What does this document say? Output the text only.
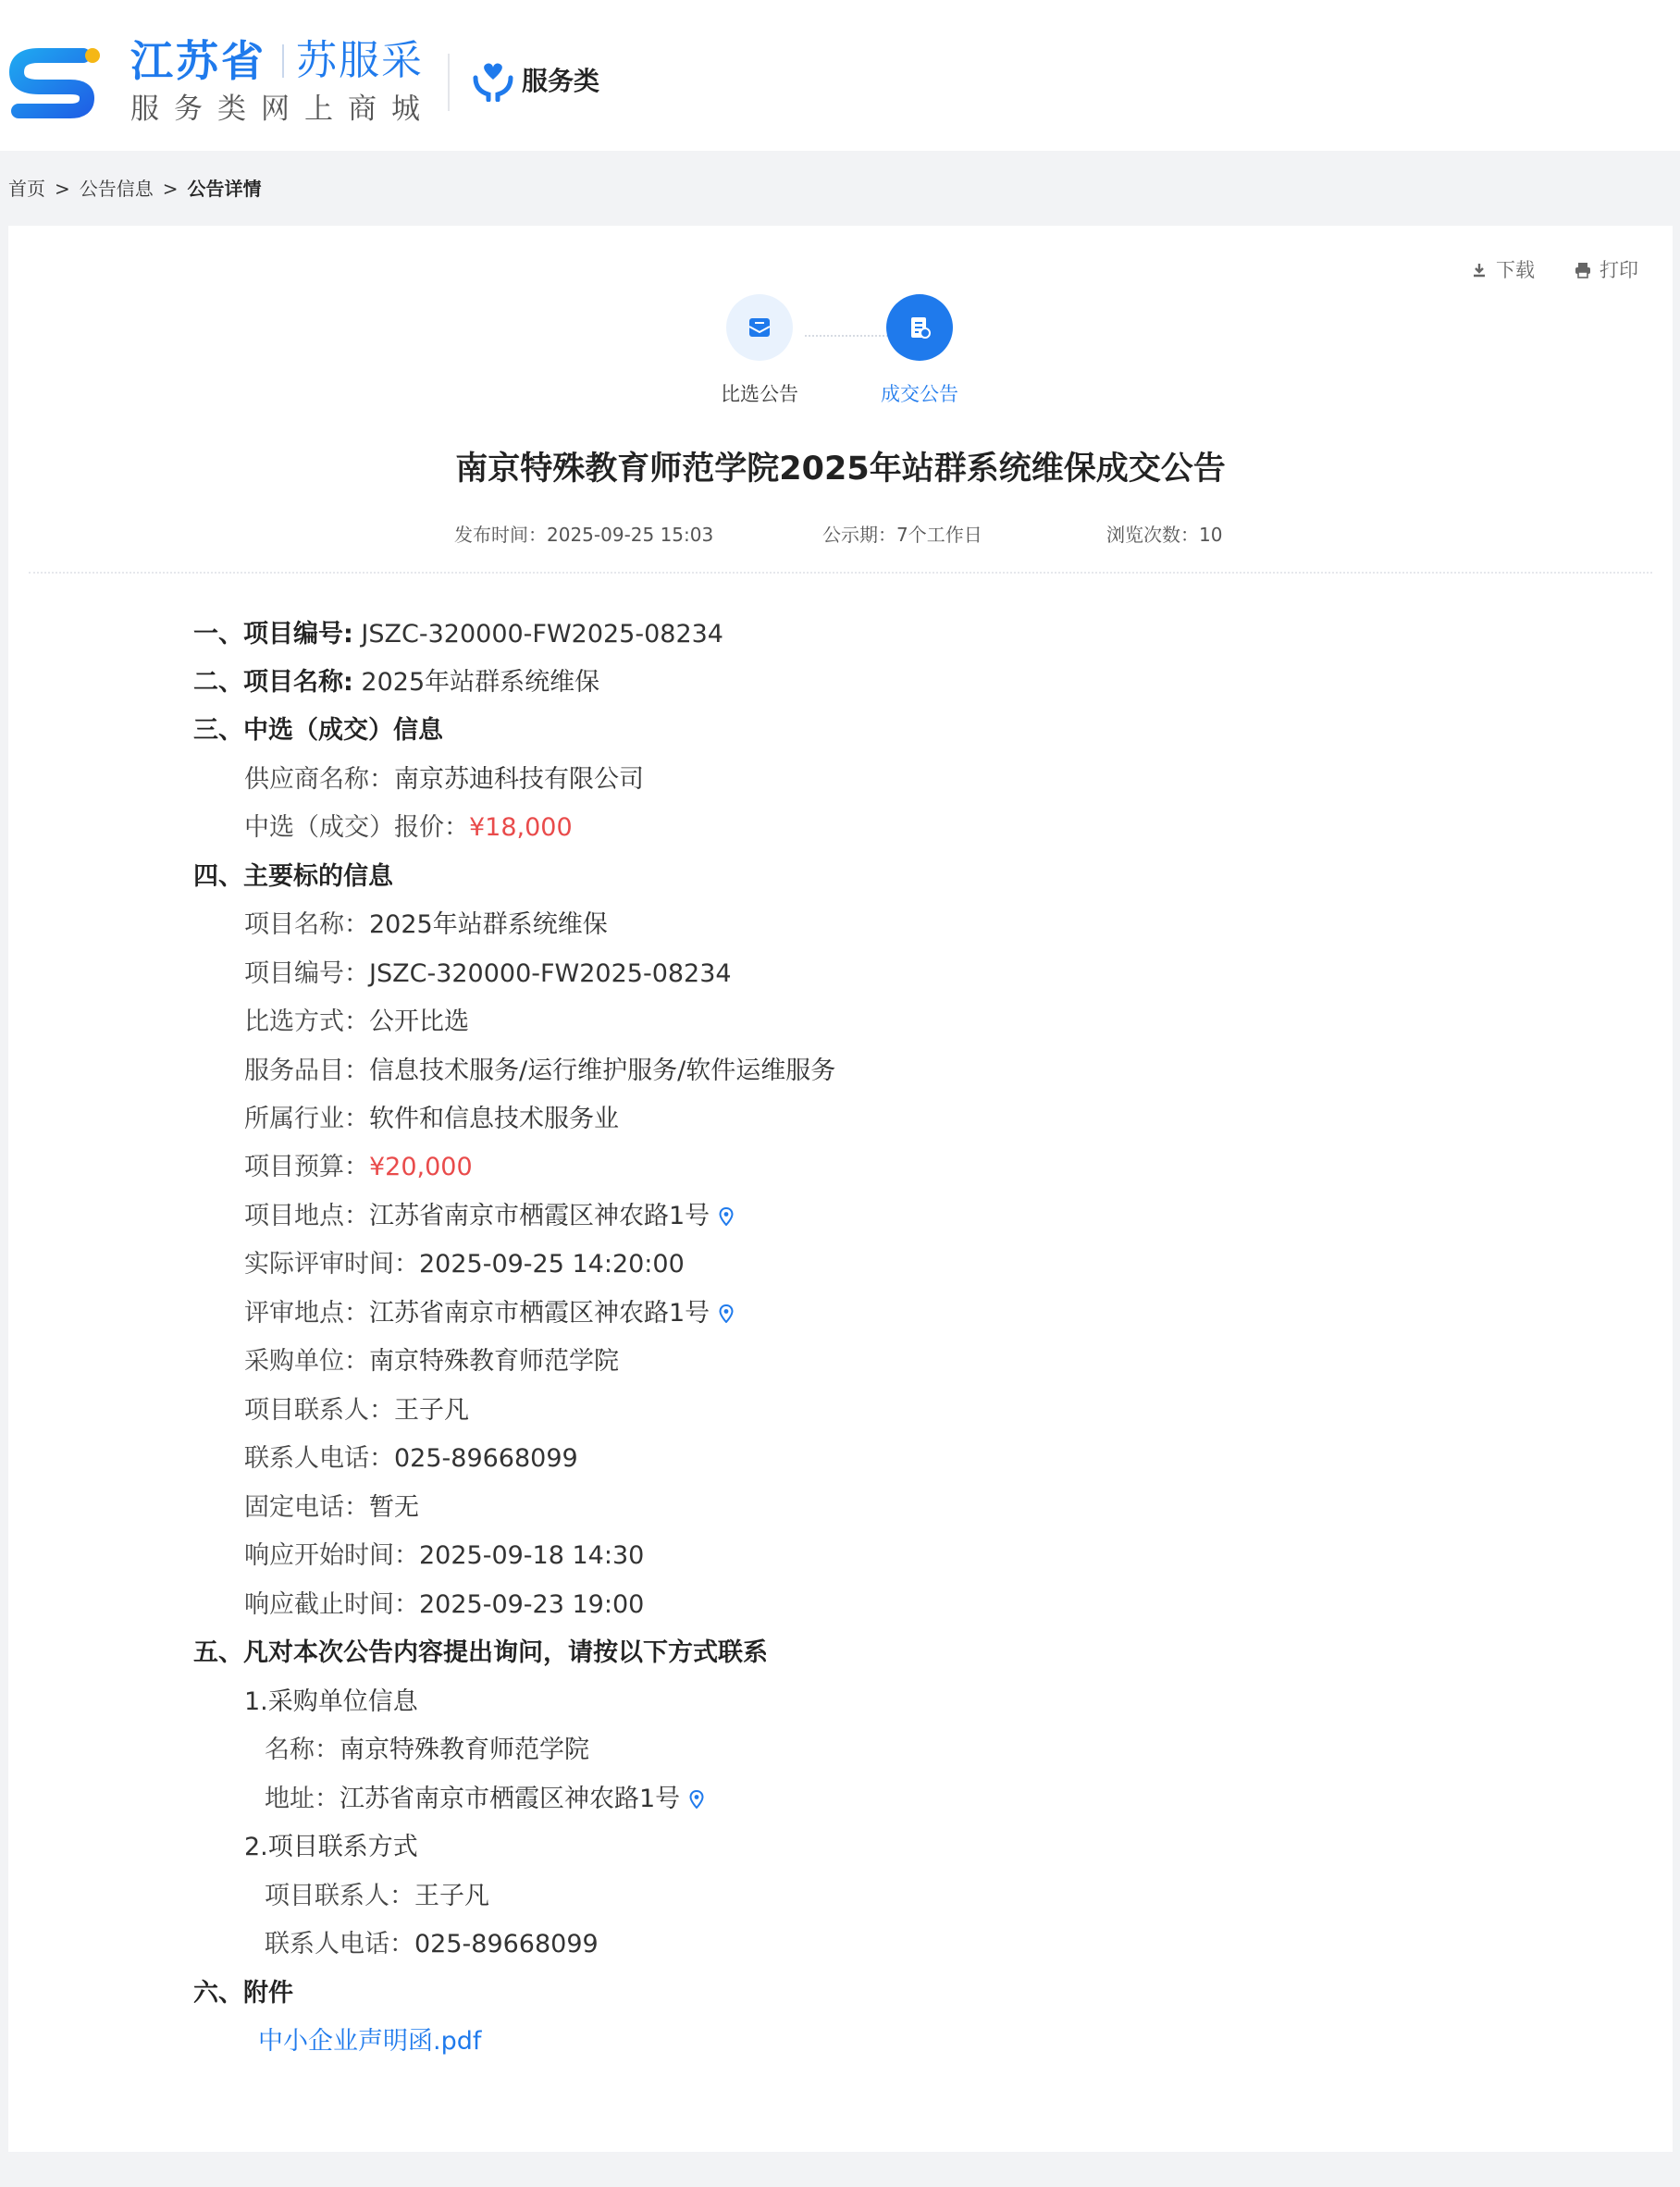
江苏省 苏服采
服务类网上商城
服务类
首页 > 公告信息 > 公告详情
下载	打印
比选公告	成交公告
南京特殊教育师范学院2025年站群系统维保成交公告
发布时间：2025-09-25 15:03	公示期：7个工作日	浏览次数：10
一、项目编号: JSZC-320000-FW2025-08234
二、项目名称: 2025年站群系统维保
三、中选（成交）信息
供应商名称：南京苏迪科技有限公司
中选（成交）报价：¥18,000
四、主要标的信息
项目名称：2025年站群系统维保
项目编号：JSZC-320000-FW2025-08234
比选方式：公开比选
服务品目：信息技术服务/运行维护服务/软件运维服务
所属行业：软件和信息技术服务业
项目预算：¥20,000
项目地点：江苏省南京市栖霞区神农路1号
实际评审时间：2025-09-25 14:20:00
评审地点：江苏省南京市栖霞区神农路1号
采购单位：南京特殊教育师范学院
项目联系人：王子凡
联系人电话：025-89668099
固定电话：暂无
响应开始时间：2025-09-18 14:30
响应截止时间：2025-09-23 19:00
五、凡对本次公告内容提出询问，请按以下方式联系
1.采购单位信息
名称：南京特殊教育师范学院
地址：江苏省南京市栖霞区神农路1号
2.项目联系方式
项目联系人：王子凡
联系人电话：025-89668099
六、附件
中小企业声明函.pdf
